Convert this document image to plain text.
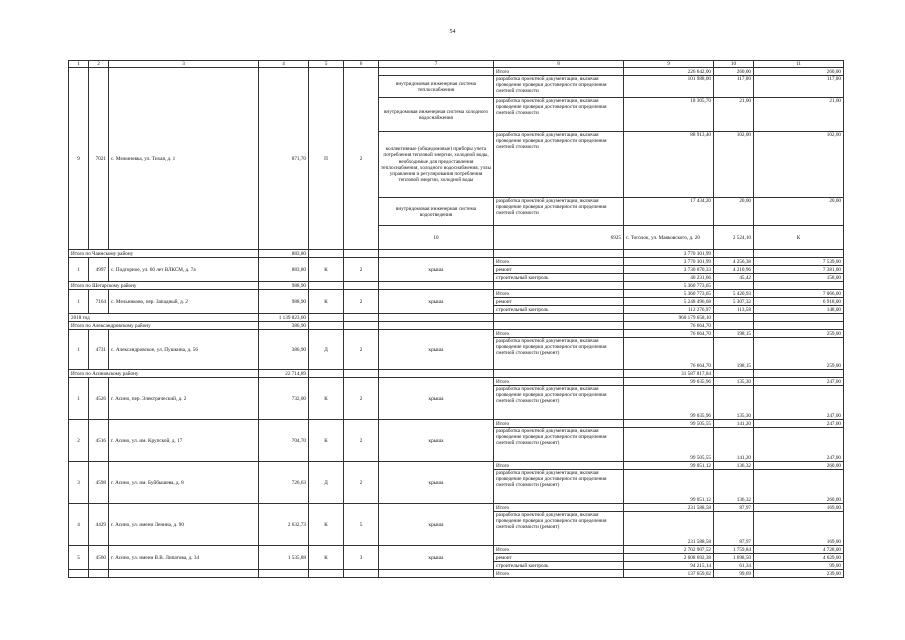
54
1	2	3	4	5	6	7	8	9	10	11	
9	7021	с. Межиновка, ул. Тихая, д. 1	871,70	П	2		Итого	226 642,00	260,00	260,00	
						внутридомовая инженерная система теплоснабжения	разработка проектной документации, включая проведение проверки достоверности определения сметной стоимости	101 988,00	117,00	117,00	
						внутридомовая инженерная система холодного водоснабжения	разработка проектной документации, включая проведение проверки достоверности определения сметной стоимости	18 305,70	21,00	21,00	
						коллективные (общедомовые) приборы учета потребления тепловой энергии, холодной воды, необходимые для предоставления теплоснабжения, холодного водоснабжения, узлы управления и регулирования потребления тепловой энергии, холодной воды	разработка проектной документации, включая проведение проверки достоверности определения сметной стоимости	88 913,40	102,00	102,00	
						внутридомовая инженерная система водоотведения	разработка проектной документации, включая проведение проверки достоверности определения сметной стоимости	17 434,20	20,00	20,00	
						10	6925	с. Тоголок, ул. Маяковского, д. 20	2 524,10	К						

Итого по Чаинскому району			883,80					3 770 301,99			
1	4997	с. Подгорное, ул. 60 лет ВЛКСМ, д. 7а	883,80	К	2	крыша	Итого	3 770 301,99	4 256,38	7 539,00	
							ремонт	3 730 070,33	4 210,96	7 381,00	
							строительный контроль	40 231,66	45,42	158,00	
Итого по Шегарскому району			988,90					5 360 773,65			
1	7164	с. Мельниково, пер. Западный, д. 2	988,90	К	2	крыша	Итого	5 360 773,65	5 420,93	7 066,00	
							ремонт	5 248 496,68	5 307,32	6 918,00	
							строительный контроль	112 276,97	113,58	148,00	
2018 год			1 139 823,60					960 179 658,10			
Итого по Александровскому району			386,90					76 664,70			
1	4731	с. Александровское, ул. Пушкина, д. 56	386,90	Д	2	крыша	Итого	76 664,70	198,15	259,00	
							разработка проектной документации, включая проведение проверки достоверности определения сметной стоимости (ремонт)	76 664,70	198,15	259,00	
Итого по Асиновскому району			22 714,89					31 587 817,84			
1	4526	г. Асино, пер. Электрический, д. 2	732,00	К	2	крыша	Итого	99 035,96	135,30	247,00	
							разработка проектной документации, включая проведение проверки достоверности определения сметной стоимости (ремонт)	99 035,96	135,30	247,00	
2	4516	г. Асино, ул. им. Крупской, д. 17	704,70	К	2	крыша	Итого	99 505,55	141,20	247,00	
							разработка проектной документации, включая проведение проверки достоверности определения сметной стоимости (ремонт)	99 505,55	141,20	247,00	
3	4598	г. Асино, ул. им. Буйбышева, д. 8	726,63	Д	2	крыша	Итого	99 051,12	136,32	260,00	
							разработка проектной документации, включая проведение проверки достоверности определения сметной стоимости (ремонт)	99 051,12	136,32	260,00	
4	4429	г. Асино, ул. имени Ленина, д. 90	2 632,73	К	5	крыша	Итого	231 588,58	87,97	169,00	
							разработка проектной документации, включая проведение проверки достоверности определения сметной стоимости (ремонт)	231 588,58	87,97	169,00	
5	4560	г. Асино, ул. имени В.В. Липатова, д. 34	1 535,88	К	3	крыша	Итого	2 702 907,52	1 759,84	4 728,00	
							ремонт	2 608 692,38	1 698,50	4 629,00	
							строительный контроль	94 215,14	61,34	99,00	
							Итого	137 659,02	99,69	239,00	
